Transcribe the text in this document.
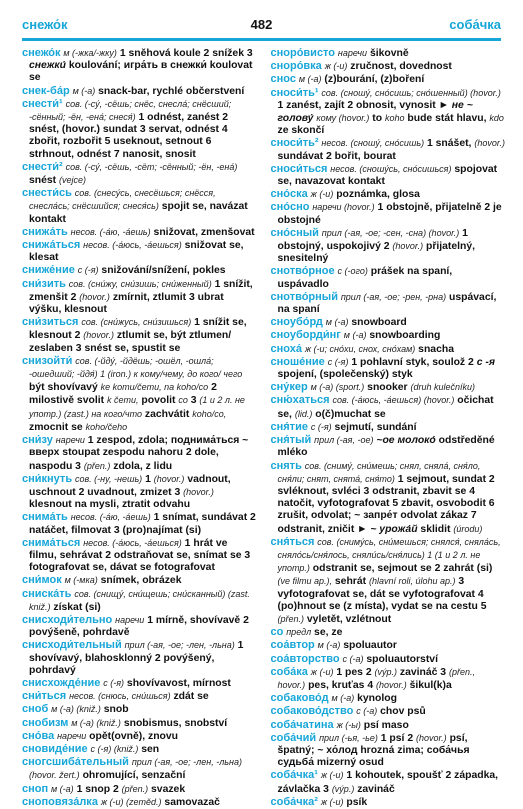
снежо́к	482	соба́чка

снежо́к м (-жка/-жку) 1 sněhová koule 2 snížek 3 снежки́ koulování; игра́ть в снежки́ koulovat se

снек-ба́р м (-а) snack-bar, rychlé občerstvení

снести́¹ сов. (-су́, -сёшь; снёс, снесла́; снёсший; -сённый; -ён, -ена́; снеся́) 1 odnést, zanést 2 snést, (hovor.) sundat 3 servat, odnést 4 zbořit, rozbořit 5 useknout, setnout 6 strhnout, odnést 7 nanosit, snosit

снести́² сов. (-су́, -сёшь, -сёт; -сённый; -ён, -ена́) snést (vejce)

снести́сь сов. (снесу́сь, снесёшься; снёсся, снесла́сь; снёсшийся; снеся́сь) spojit se, navázat kontakt

снижа́ть несов. (-а́ю, -а́ешь) snižovat, zmenšovat

снижа́ться несов. (-а́юсь, -а́ешься) snižovat se, klesat

сниже́ние с (-я) snižování/snížení, pokles

сни́зить сов. (сни́жу, сни́зишь; сни́женный) 1 snížit, zmenšit 2 (hovor.) zmírnit, ztlumit 3 ubrat výšku, klesnout

сни́зиться сов. (сни́жусь, сни́зишься) 1 snížit se, klesnout 2 (hovor.) ztlumit se, být ztlumen/ zeslaben 3 snést se, spustit se

снизойти́ сов. (-йду́, -йдёшь; -ошёл, -ошла́; -ошедший; -йдя́) 1 (iron.) к кому/чему, до кого/ чего být shovívavý ke komu/čemu, na koho/co 2 milostivě svolit k čemu, povolit co 3 (1 и 2 л. не употр.) (zast.) на кого/что zachvátit koho/co, zmocnit se koho/čeho

сни́зу наречи 1 zespod, zdola; поднима́ться ~ вверх stoupat zespodu nahoru 2 dole, naspodu 3 (přen.) zdola, z lidu

сни́кнуть сов. (-ну, -нешь) 1 (hovor.) vadnout, uschnout 2 uvadnout, zmizet 3 (hovor.) klesnout na mysli, ztratit odvahu

снима́ть несов. (-а́ю, -а́ешь) 1 snímat, sundávat 2 natáčet, filmovat 3 (pro)najímat (si)

снима́ться несов. (-а́юсь, -а́ешься) 1 hrát ve filmu, sehrávat 2 odstraňovat se, snímat se 3 fotografovat se, dávat se fotografovat

сни́мок м (-мка) snímek, obrázek

сниска́ть сов. (снищу́, сни́щешь; сни́сканный) (zast. kniž.) získat (si)

снисходи́тельно наречи 1 mírně, shovívavě 2 povýšeně, pohrdavě

снисходи́тельный прил (-ая, -ое; -лен, -льна) 1 shovívavý, blahosklonný 2 povýšený, pohrdavý

снисхожде́ние с (-я) shovívavost, mírnost

сни́ться несов. (снюсь, сни́шься) zdát se

сноб м (-а) (kniž.) snob

снобизм м (-а) (kniž.) snobismus, snobství

сно́ва наречи opět(ovně), znovu

сновиде́ние с (-я) (kniž.) sen

сногсшиба́тельный прил (-ая, -ое; -лен, -льна) (hovor. žert.) ohromující, senzační

сноп м (-а) 1 snop 2 (přen.) svazek

сноповяза́лка ж (-и) (zeměd.) samovazač

сноро́висто наречи šikovně

сноро́вка ж (-и) zručnost, dovednost

снос м (-а) (z)bourání, (z)boření

сноси́ть¹ сов. (сношу́, сно́сишь; сно́шенный) (hovor.) 1 zanést, zajít 2 obnosit, vynosit ► не ~ голову́ кому (hovor.) to koho bude stát hlavu, kdo ze skončí

сноси́ть² несов. (сношу́, сно́сишь) 1 snášet, (hovor.) sundávat 2 bořit, bourat

сноси́ться несов. (сношу́сь, сно́сишься) spojovat se, navazovat kontakt

сно́ска ж (-и) poznámka, glosa

сно́сно наречи (hovor.) 1 obstojně, přijatelně 2 je obstojné

сно́сный прил (-ая, -ое; -сен, -сна) (hovor.) 1 obstojný, uspokojivý 2 (hovor.) přijatelný, snesitelný

снотво́рное с (-ого) prášek na spaní, uspávadlo

снотво́рный прил (-ая, -ое; -рен, -рна) uspávací, na spaní

сноубо́рд м (-а) snowboard

сноуборди́нг м (-а) snowboarding

сноха́ ж (-и; сно́хи, снох, сно́хам) snacha

сноше́ние с (-я) 1 pohlavní styk, soulož 2 с -я spojení, (společenský) styk

сну́кер м (-а) (sport.) snooker (druh kulečníku)

сню́хаться сов. (-а́юсь, -а́ешься) (hovor.) očichat se, (lid.) o(č)muchat se

сня́тие с (-я) sejmutí, sundání

сня́тый прил (-ая, -ое) ~ое молоко́ odstředěné mléko

снять сов. (сниму́, сни́мешь; снял, сняла́, сня́ло, сня́ли; снят, снята́, сня́то) 1 sejmout, sundat 2 svléknout, svléci 3 odstranit, zbavit se 4 natočit, vyfotografovat 5 zbavit, osvobodit 6 zrušit, odvolat; ~ запре́т odvolat zákaz 7 odstranit, zničit ► ~ урожа́й sklidit (úrodu)

сня́ться сов. (сниму́сь, сни́мешься; снялся́, сняла́сь, сняло́сь/сня́лось, сняли́сь/сня́лись) 1 (1 и 2 л. не употр.) odstranit se, sejmout se 2 zahrát (si) (ve filmu ap.), sehrát (hlavní roli, úlohu ap.) 3 vyfotografovat se, dát se vyfotografovat 4 (po)hnout se (z místa), vydat se na cestu 5 (přen.) vyletět, vzlétnout

со предл se, ze

соа́втор м (-а) spoluautor

соа́вторство с (-а) spoluautorství

соба́ка ж (-и) 1 pes 2 (výp.) zavináč 3 (přen., hovor.) pes, kruťas 4 (hovor.) šikul(k)a

собаково́д м (-а) kynolog

собаково́дство с (-а) chov psů

соба́чатина ж (-ы) psí maso

соба́чий прил (-ья, -ье) 1 psí 2 (hovor.) psí, špatný; ~ хо́лод hrozná zima; соба́чья судьба́ mizerný osud

соба́чка¹ ж (-и) 1 kohoutek, spoušť 2 západka, závlačka 3 (výp.) zavináč

соба́чка² ж (-и) psík
